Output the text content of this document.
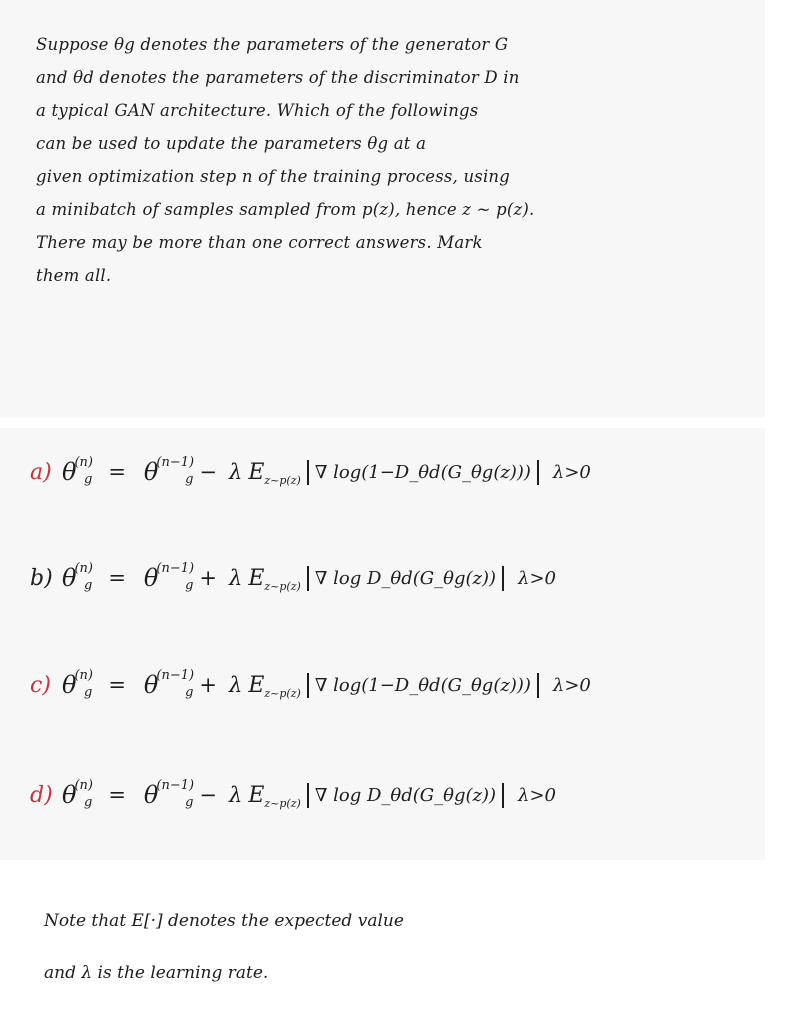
Suppose θg denotes the parameters of the generator G
and θd denotes the parameters of the discriminator D in
a typical GAN architecture. Which of the followings
can be used to update the parameters θg at a
given optimization step n of the training process, using
a minibatch of samples sampled from p(z), hence z ~ p(z).
There may be more than one correct answers. Mark
them all.
a) θ
(n)
g = θ
(n−1)
g − λ E z~p(z) ∇ log(1−D_θd(G_θg(z)))	λ>0
b) θ
(n)
g = θ
(n−1)
g + λ E z~p(z) ∇ log D_θd(G_θg(z))	λ>0
c) θ
(n)
g = θ
(n−1)
g + λ E z~p(z) ∇ log(1−D_θd(G_θg(z)))	λ>0
d) θ
(n)
g = θ
(n−1)
g − λ E z~p(z) ∇ log D_θd(G_θg(z))	λ>0
Note that E[·] denotes the expected value
and λ is the learning rate.
